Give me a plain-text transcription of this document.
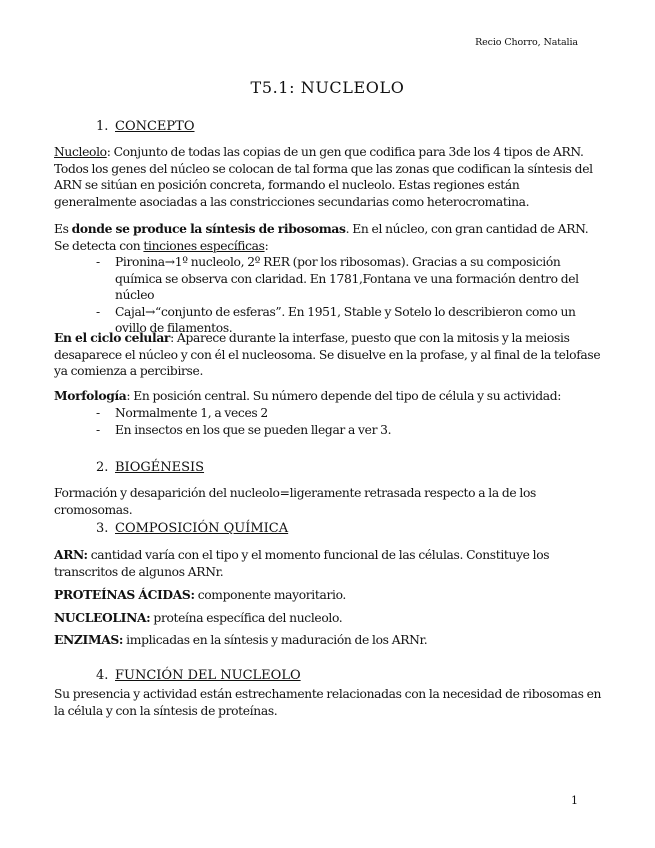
Recio Chorro, Natalia
T5.1: NUCLEOLO
1. CONCEPTO
Nucleolo: Conjunto de todas las copias de un gen que codifica para 3de los 4 tipos de ARN. Todos los genes del núcleo se colocan de tal forma que las zonas que codifican la síntesis del ARN se sitúan en posición concreta, formando el nucleolo. Estas regiones están generalmente asociadas a las constricciones secundarias como heterocromatina.
Es donde se produce la síntesis de ribosomas. En el núcleo, con gran cantidad de ARN. Se detecta con tinciones específicas:
- Pironina→1º nucleolo, 2º RER (por los ribosomas). Gracias a su composición química se observa con claridad. En 1781,Fontana ve una formación dentro del núcleo
- Cajal→“conjunto de esferas”. En 1951, Stable y Sotelo lo describieron como un ovillo de filamentos.
En el ciclo celular: Aparece durante la interfase, puesto que con la mitosis y la meiosis desaparece el núcleo y con él el nucleosoma. Se disuelve en la profase, y al final de la telofase ya comienza a percibirse.
Morfología: En posición central. Su número depende del tipo de célula y su actividad:
- Normalmente 1, a veces 2
- En insectos en los que se pueden llegar a ver 3.
2. BIOGÉNESIS
Formación y desaparición del nucleolo=ligeramente retrasada respecto a la de los cromosomas.
3. COMPOSICIÓN QUÍMICA
ARN: cantidad varía con el tipo y el momento funcional de las células. Constituye los transcritos de algunos ARNr.
PROTEÍNAS ÁCIDAS: componente mayoritario.
NUCLEOLINA: proteína específica del nucleolo.
ENZIMAS: implicadas en la síntesis y maduración de los ARNr.
4. FUNCIÓN DEL NUCLEOLO
Su presencia y actividad están estrechamente relacionadas con la necesidad de ribosomas en la célula y con la síntesis de proteínas.
1
